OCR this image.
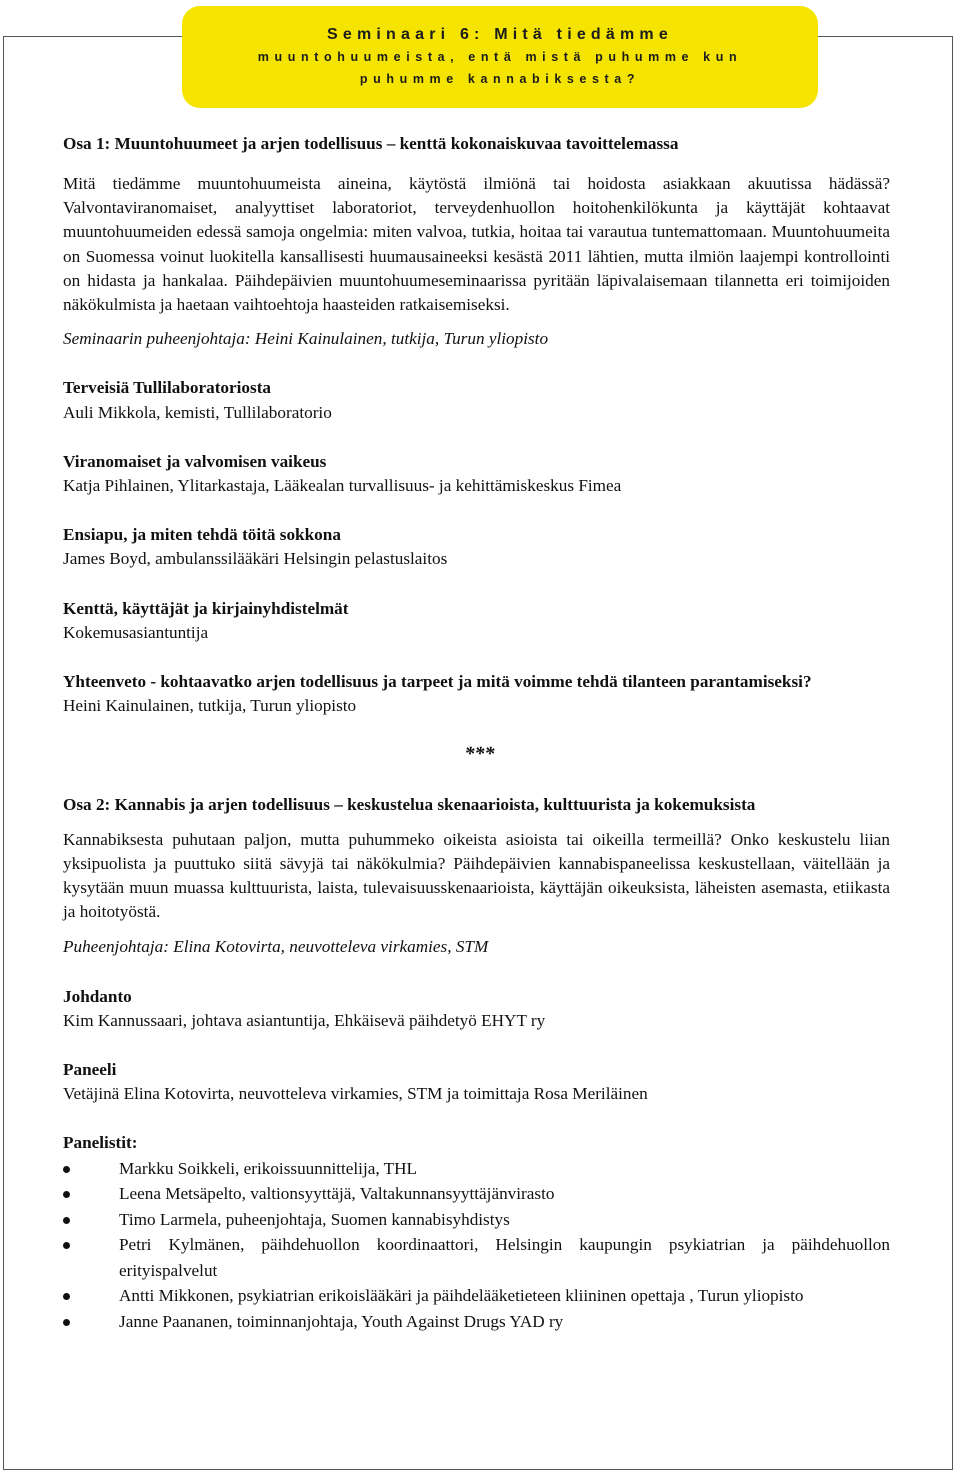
Seminaari 6: Mitä tiedämme
muuntohuumeista, entä mistä puhumme kun
puhumme kannabiksesta?
Osa 1: Muuntohuumeet ja arjen todellisuus – kenttä kokonaiskuvaa tavoittelemassa

Mitä tiedämme muuntohuumeista aineina, käytöstä ilmiönä tai hoidosta asiakkaan akuutissa hädässä? Valvontaviranomaiset, analyyttiset laboratoriot, terveydenhuollon hoitohenkilökunta ja käyttäjät kohtaavat muuntohuumeiden edessä samoja ongelmia: miten valvoa, tutkia, hoitaa tai varautua tuntemattomaan. Muuntohuumeita on Suomessa voinut luokitella kansallisesti huumausaineeksi kesästä 2011 lähtien, mutta ilmiön laajempi kontrollointi on hidasta ja hankalaa. Päihdepäivien muuntohuumeseminaarissa pyritään läpivalaisemaan tilannetta eri toimijoiden näkökulmista ja haetaan vaihtoehtoja haasteiden ratkaisemiseksi.

Seminaarin puheenjohtaja: Heini Kainulainen, tutkija, Turun yliopisto

Terveisiä Tullilaboratoriosta
Auli Mikkola, kemisti, Tullilaboratorio
Viranomaiset ja valvomisen vaikeus
Katja Pihlainen, Ylitarkastaja, Lääkealan turvallisuus- ja kehittämiskeskus Fimea
Ensiapu, ja miten tehdä töitä sokkona
James Boyd, ambulanssilääkäri Helsingin pelastuslaitos
Kenttä, käyttäjät ja kirjainyhdistelmät
Kokemusasiantuntija
Yhteenveto - kohtaavatko arjen todellisuus ja tarpeet ja mitä voimme tehdä tilanteen parantamiseksi?
Heini Kainulainen, tutkija, Turun yliopisto
***
Osa 2: Kannabis ja arjen todellisuus – keskustelua skenaarioista, kulttuurista ja kokemuksista

Kannabiksesta puhutaan paljon, mutta puhummeko oikeista asioista tai oikeilla termeillä? Onko keskustelu liian yksipuolista ja puuttuko siitä sävyjä tai näkökulmia? Päihdepäivien kannabispaneelissa keskustellaan, väitellään ja kysytään muun muassa kulttuurista, laista, tulevaisuusskenaarioista, käyttäjän oikeuksista, läheisten asemasta, etiikasta ja hoitotyöstä.

Puheenjohtaja: Elina Kotovirta, neuvotteleva virkamies, STM

Johdanto
Kim Kannussaari, johtava asiantuntija, Ehkäisevä päihdetyö EHYT ry
Paneeli
Vetäjinä Elina Kotovirta, neuvotteleva virkamies, STM ja toimittaja Rosa Meriläinen
Panelistit:
Markku Soikkeli, erikoissuunnittelija, THL
Leena Metsäpelto, valtionsyyttäjä, Valtakunnansyyttäjänvirasto
Timo Larmela, puheenjohtaja, Suomen kannabisyhdistys
Petri Kylmänen, päihdehuollon koordinaattori, Helsingin kaupungin psykiatrian ja päihdehuollon erityispalvelut
Antti Mikkonen, psykiatrian erikoislääkäri ja päihdelääketieteen kliininen opettaja , Turun yliopisto
Janne Paananen, toiminnanjohtaja, Youth Against Drugs YAD ry
